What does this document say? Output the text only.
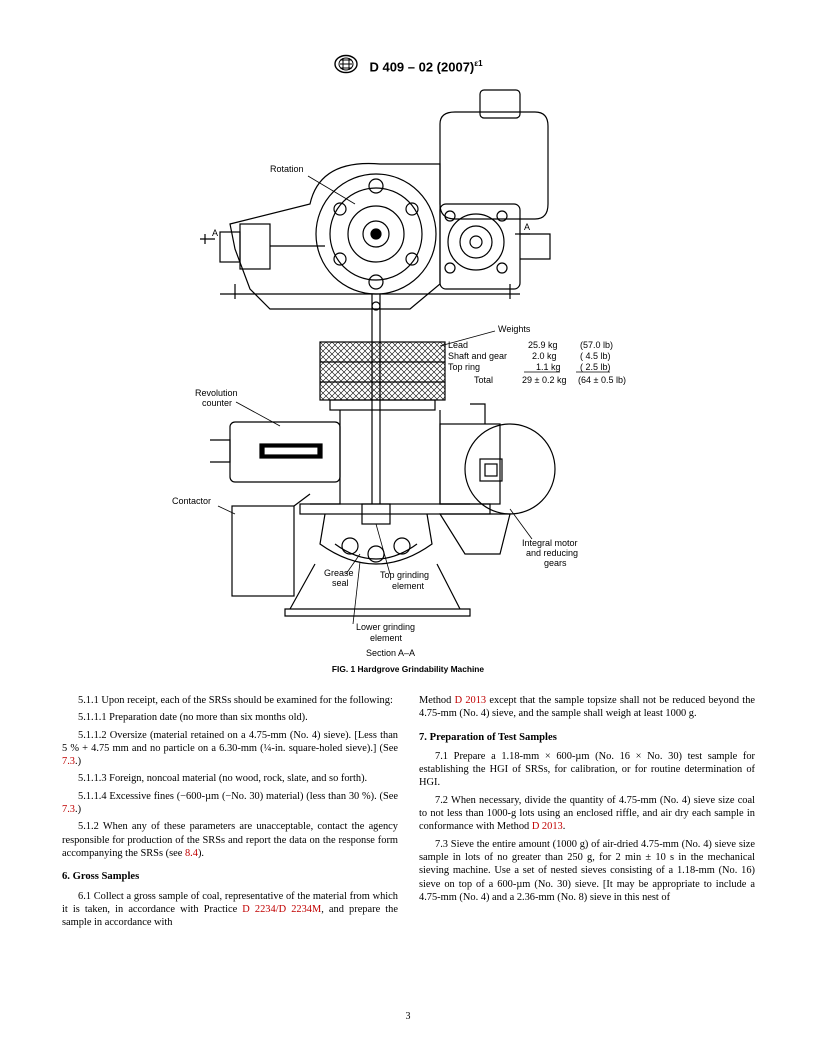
D 409 – 02 $(2007)^{\varepsilon 1}$
Rotation
A
A
Weights
Lead	25.9 kg (57.0 lb)
Shaft and gear	2.0 kg	( 4.5 lb)
Top ring	1.1 kg ( 2.5 lb)
Total	29 ± 0.2 kg (64 ± 0.5 lb)
Revolution
counter
Contactor
Integral motor
and reducing
gears
Grease
seal
Top grinding
element
Lower grinding
element
Section A–A
FIG. 1 Hardgrove Grindability Machine

5.1.1 Upon receipt, each of the SRSs should be examined for the following:

5.1.1.1 Preparation date (no more than six months old).

5.1.1.2 Oversize (material retained on a 4.75-mm (No. 4) sieve). [Less than 5 % + 4.75 mm and no particle on a 6.30-mm (¼-in. square-holed sieve).] (See 7.3.)

5.1.1.3 Foreign, noncoal material (no wood, rock, slate, and so forth).

5.1.1.4 Excessive fines (−600-µm (−No. 30) material) (less than 30 %). (See 7.3.)

5.1.2 When any of these parameters are unacceptable, contact the agency responsible for production of the SRSs and report the data on the response form accompanying the SRSs (see 8.4).

6. Gross Samples

6.1 Collect a gross sample of coal, representative of the material from which it is taken, in accordance with Practice D 2234/D 2234M, and prepare the sample in accordance with

Method D 2013 except that the sample topsize shall not be reduced beyond the 4.75-mm (No. 4) sieve, and the sample shall weigh at least 1000 g.

7. Preparation of Test Samples

7.1 Prepare a 1.18-mm × 600-µm (No. 16 × No. 30) test sample for establishing the HGI of SRSs, for calibration, or for routine determination of HGI.

7.2 When necessary, divide the quantity of 4.75-mm (No. 4) sieve size coal to not less than 1000-g lots using an enclosed riffle, and air dry each sample in conformance with Method D 2013.

7.3 Sieve the entire amount (1000 g) of air-dried 4.75-mm (No. 4) sieve size sample in lots of no greater than 250 g, for 2 min ± 10 s in the mechanical sieving machine. Use a set of nested sieves consisting of a 1.18-mm (No. 16) sieve on top of a 600-µm (No. 30) sieve. [It may be appropriate to include a 4.75-mm (No. 4) and a 2.36-mm (No. 8) sieve in this nest of

3
